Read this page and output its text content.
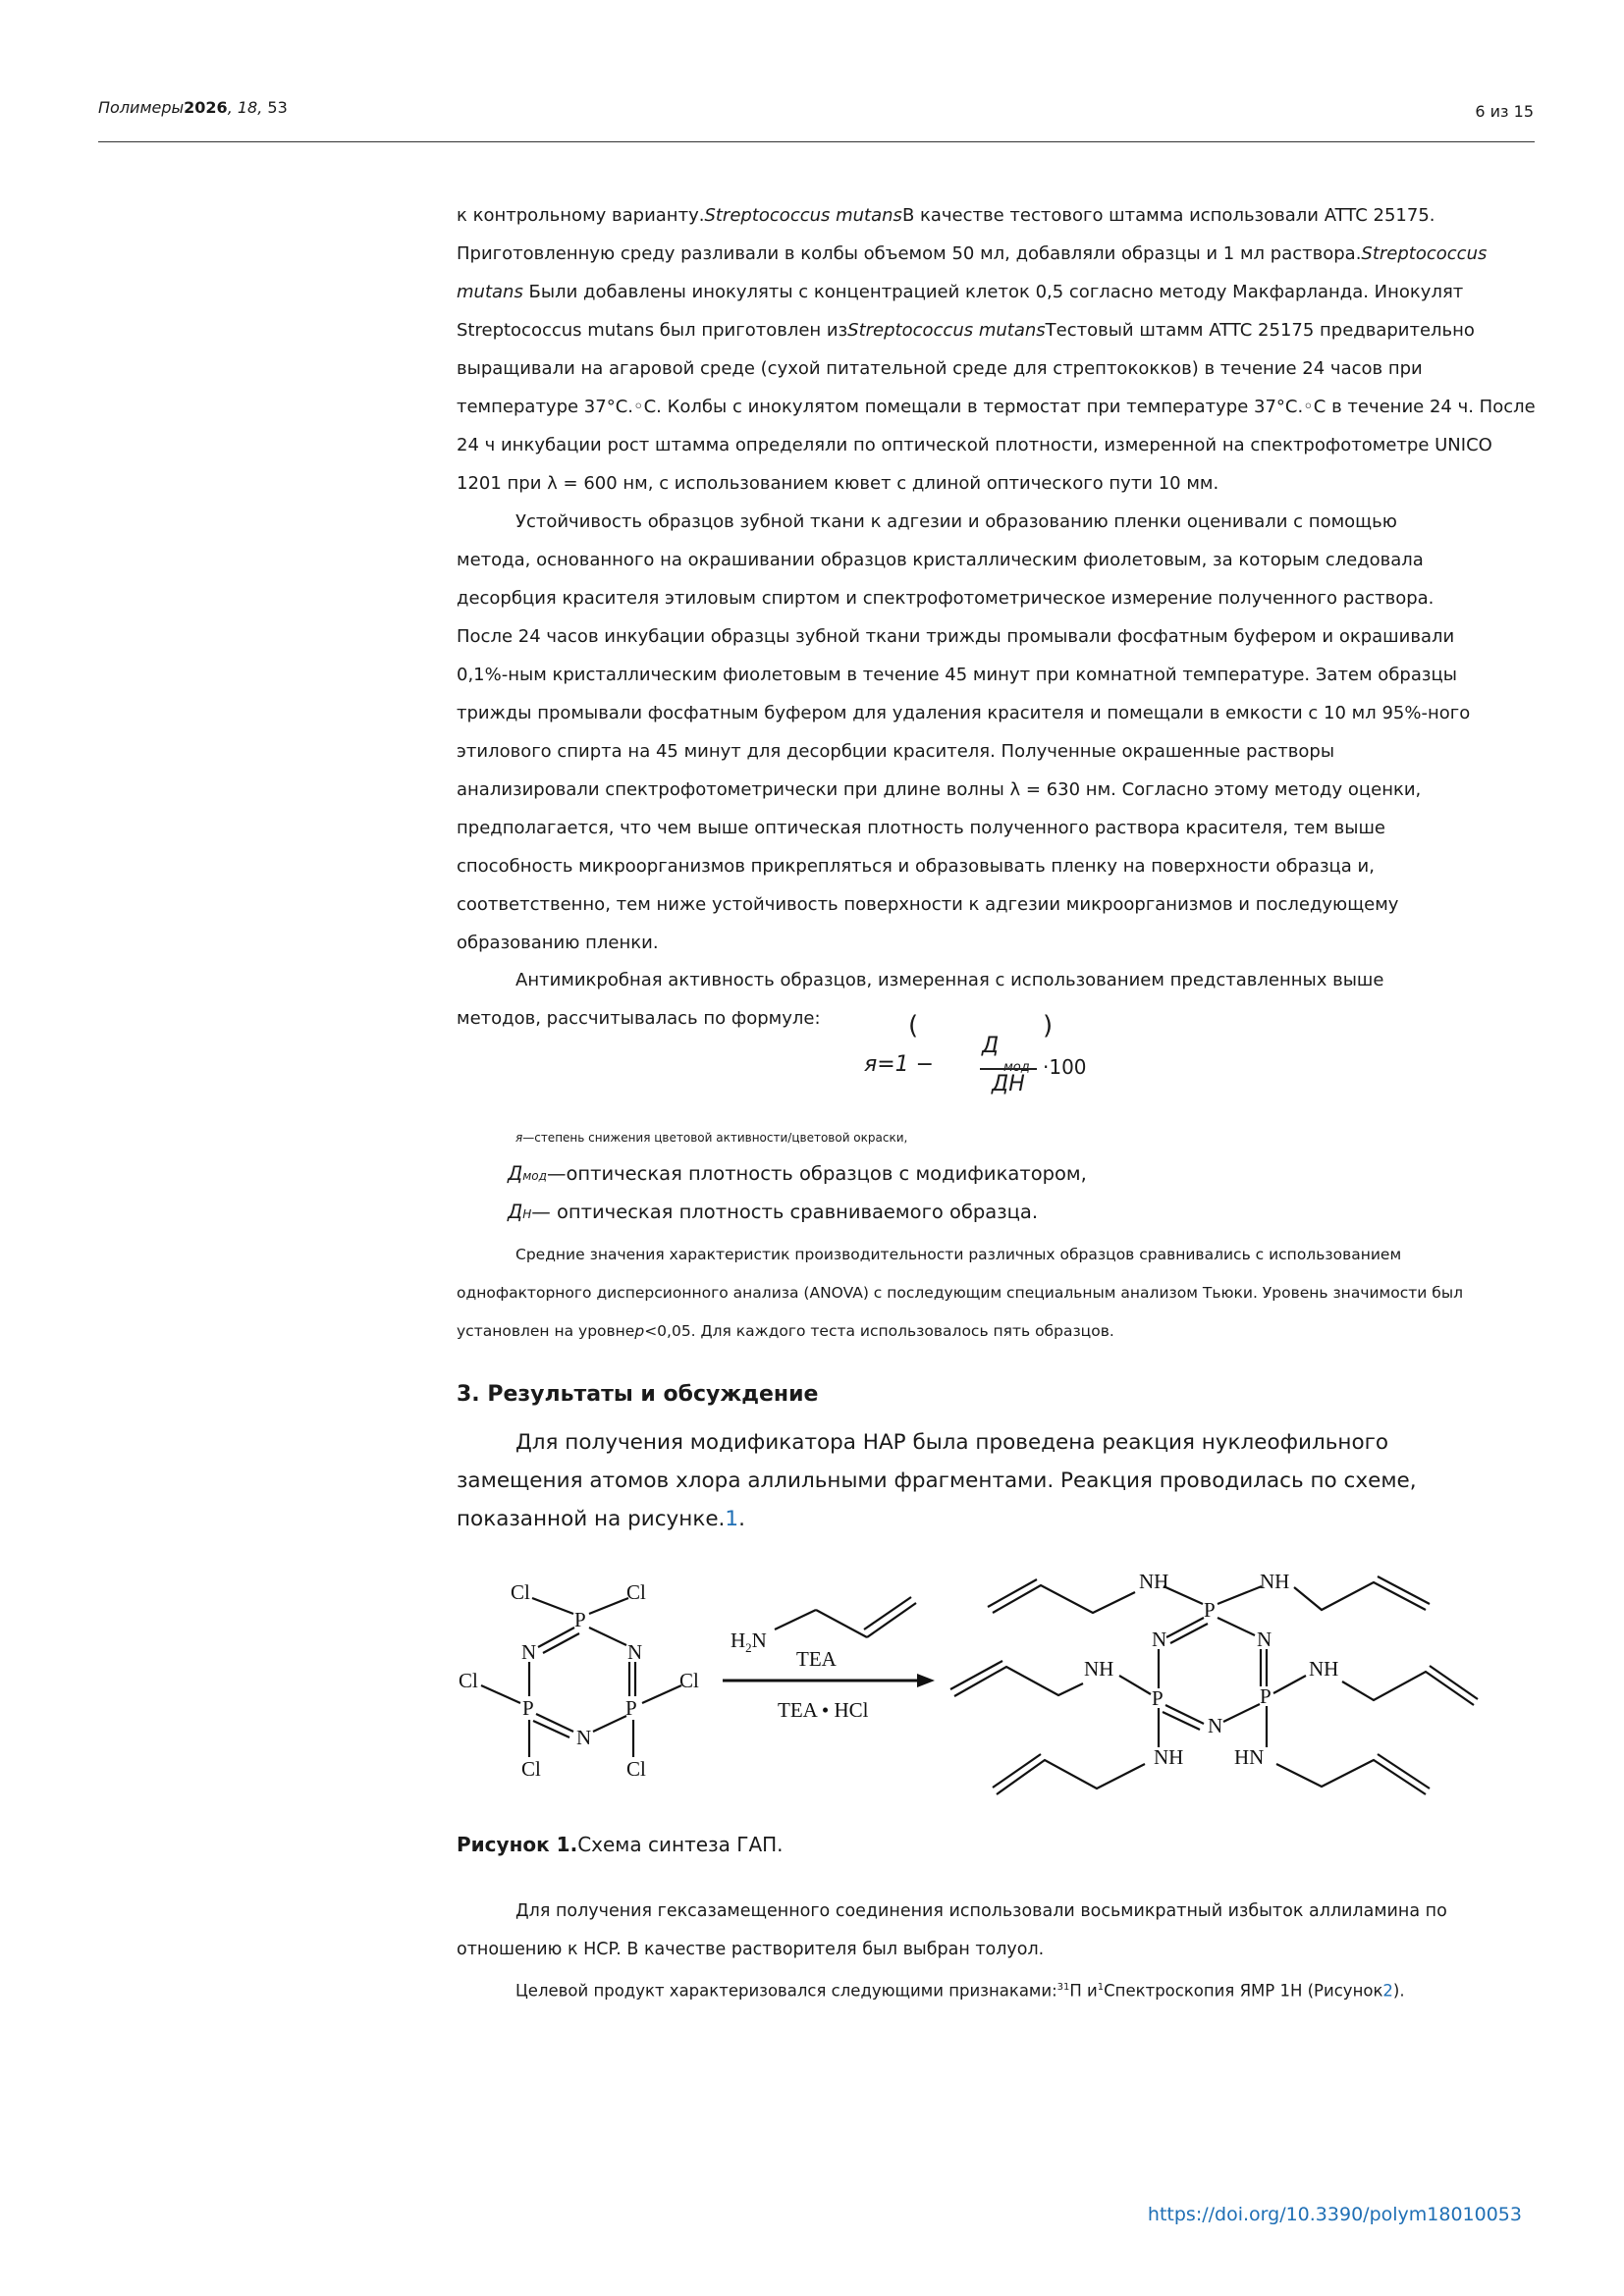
Полимеры2026, 18, 53	6 из 15
к контрольному варианту.Streptococcus mutansВ качестве тестового штамма использовали ATTC 25175.
Приготовленную среду разливали в колбы объемом 50 мл, добавляли образцы и 1 мл раствора.Streptococcus
mutans Были добавлены инокуляты с концентрацией клеток 0,5 согласно методу Макфарланда. Инокулят
Streptococcus mutans был приготовлен изStreptococcus mutansТестовый штамм ATTC 25175 предварительно
выращивали на агаровой среде (сухой питательной среде для стрептококков) в течение 24 часов при
температуре 37°C.◦C. Колбы с инокулятом помещали в термостат при температуре 37°C.◦C в течение 24 ч. После
24 ч инкубации рост штамма определяли по оптической плотности, измеренной на спектрофотометре UNICO
1201 при λ = 600 нм, с использованием кювет с длиной оптического пути 10 мм.
Устойчивость образцов зубной ткани к адгезии и образованию пленки оценивали с помощью
метода, основанного на окрашивании образцов кристаллическим фиолетовым, за которым следовала
десорбция красителя этиловым спиртом и спектрофотометрическое измерение полученного раствора.
После 24 часов инкубации образцы зубной ткани трижды промывали фосфатным буфером и окрашивали
0,1%-ным кристаллическим фиолетовым в течение 45 минут при комнатной температуре. Затем образцы
трижды промывали фосфатным буфером для удаления красителя и помещали в емкости с 10 мл 95%-ного
этилового спирта на 45 минут для десорбции красителя. Полученные окрашенные растворы
анализировали спектрофотометрически при длине волны λ = 630 нм. Согласно этому методу оценки,
предполагается, что чем выше оптическая плотность полученного раствора красителя, тем выше
способность микроорганизмов прикрепляться и образовывать пленку на поверхности образца и,
соответственно, тем ниже устойчивость поверхности к адгезии микроорганизмов и последующему
образованию пленки.
Антимикробная активность образцов, измеренная с использованием представленных выше
методов, рассчитывалась по формуле:	(	)
я=1 −
Д
ДН
·100
я—степень снижения цветовой активности/цветовой окраски,
Дмод—оптическая плотность образцов с модификатором,
ДН— оптическая плотность сравниваемого образца.
Средние значения характеристик производительности различных образцов сравнивались с использованием
однофакторного дисперсионного анализа (ANOVA) с последующим специальным анализом Тьюки. Уровень значимости был
установлен на уровнеp<0,05. Для каждого теста использовалось пять образцов.
3. Результаты и обсуждение
Для получения модификатора HAP была проведена реакция нуклеофильного
замещения атомов хлора аллильными фрагментами. Реакция проводилась по схеме,
показанной на рисунке.1.
Cl	Cl
P
N	N
Cl	Cl
P	P
N
Cl	Cl
$H_2N$
TEA
TEA • HCl
P
NH	NH
N	N
NH	NH
P	P
N
NH HN
Рисунок 1.Схема синтеза ГАП.
Для получения гексазамещенного соединения использовали восьмикратный избыток аллиламина по
отношению к HCP. В качестве растворителя был выбран толуол.
Целевой продукт характеризовался следующими признаками:$^{31}$П $и^1Спектроскопия$ ЯМР 1H (Рисунок2).
https://doi.org/10.3390/polym18010053
